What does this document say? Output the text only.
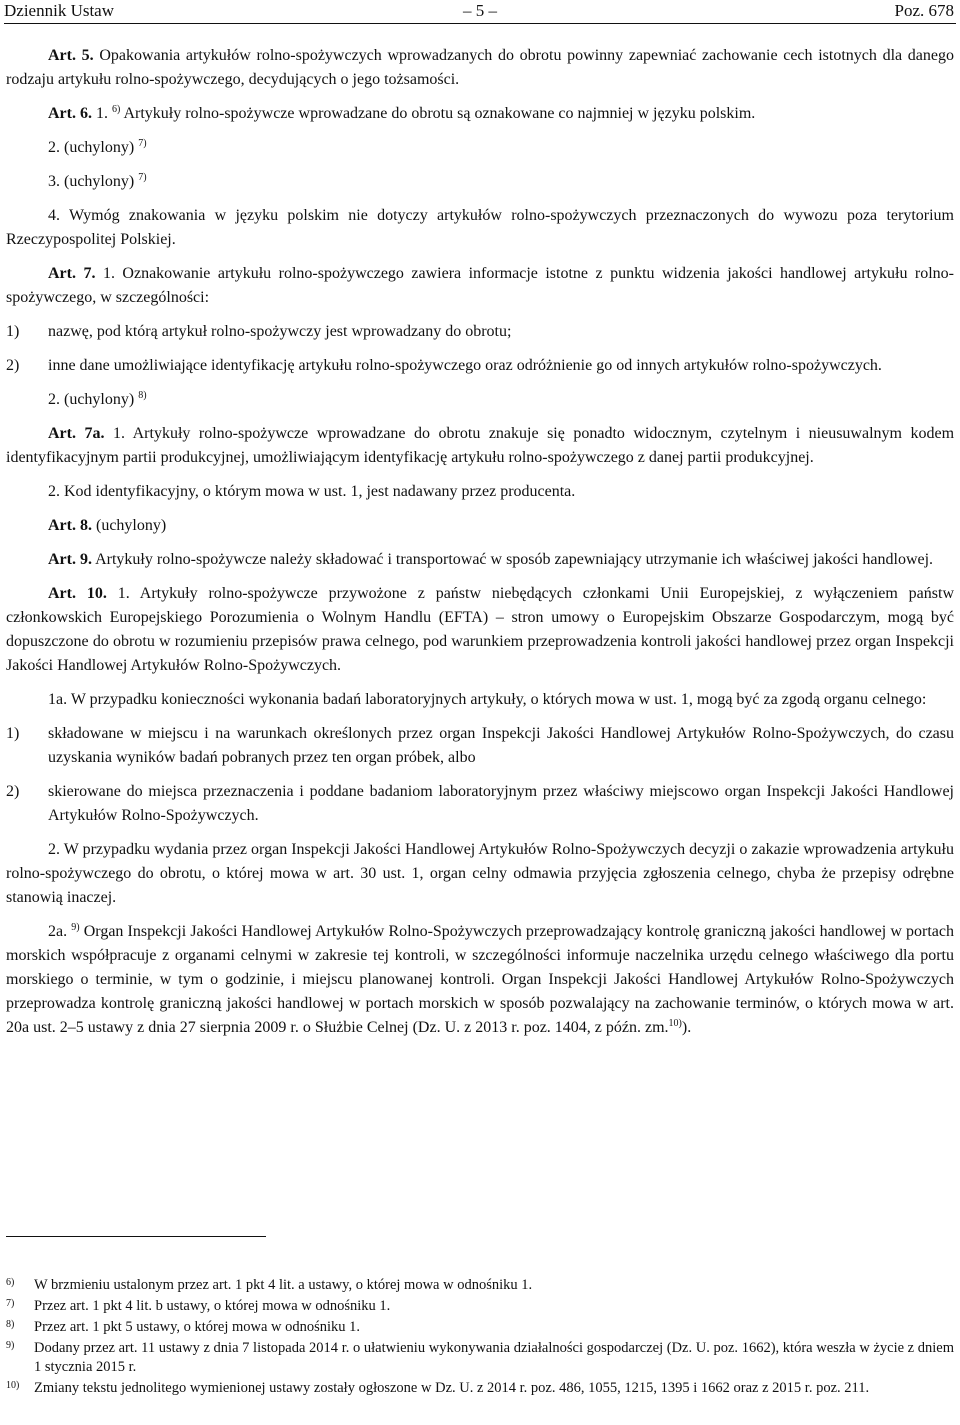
Dziennik Ustaw	– 5 –	Poz. 678

Art. 5. Opakowania artykułów rolno-spożywczych wprowadzanych do obrotu powinny zapewniać zachowanie cech istotnych dla danego rodzaju artykułu rolno-spożywczego, decydujących o jego tożsamości.

Art. 6. 1. $^{6)}$ Artykuły rolno-spożywcze wprowadzane do obrotu są oznakowane co najmniej w języku polskim.

2. (uchylony) $^{7)}$

3. (uchylony) $^{7)}$

4. Wymóg znakowania w języku polskim nie dotyczy artykułów rolno-spożywczych przeznaczonych do wywozu poza terytorium Rzeczypospolitej Polskiej.

Art. 7. 1. Oznakowanie artykułu rolno-spożywczego zawiera informacje istotne z punktu widzenia jakości handlowej artykułu rolno-spożywczego, w szczególności:

1) nazwę, pod którą artykuł rolno-spożywczy jest wprowadzany do obrotu;
2) inne dane umożliwiające identyfikację artykułu rolno-spożywczego oraz odróżnienie go od innych artykułów rolno-spożywczych.

2. (uchylony) $^{8)}$

Art. 7a. 1. Artykuły rolno-spożywcze wprowadzane do obrotu znakuje się ponadto widocznym, czytelnym i nieusuwalnym kodem identyfikacyjnym partii produkcyjnej, umożliwiającym identyfikację artykułu rolno-spożywczego z danej partii produkcyjnej.

2. Kod identyfikacyjny, o którym mowa w ust. 1, jest nadawany przez producenta.

Art. 8. (uchylony)

Art. 9. Artykuły rolno-spożywcze należy składować i transportować w sposób zapewniający utrzymanie ich właściwej jakości handlowej.

Art. 10. 1. Artykuły rolno-spożywcze przywożone z państw niebędących członkami Unii Europejskiej, z wyłączeniem państw członkowskich Europejskiego Porozumienia o Wolnym Handlu (EFTA) – stron umowy o Europejskim Obszarze Gospodarczym, mogą być dopuszczone do obrotu w rozumieniu przepisów prawa celnego, pod warunkiem przeprowadzenia kontroli jakości handlowej przez organ Inspekcji Jakości Handlowej Artykułów Rolno-Spożywczych.

1a. W przypadku konieczności wykonania badań laboratoryjnych artykuły, o których mowa w ust. 1, mogą być za zgodą organu celnego:

1) składowane w miejscu i na warunkach określonych przez organ Inspekcji Jakości Handlowej Artykułów Rolno-Spożywczych, do czasu uzyskania wyników badań pobranych przez ten organ próbek, albo
2) skierowane do miejsca przeznaczenia i poddane badaniom laboratoryjnym przez właściwy miejscowo organ Inspekcji Jakości Handlowej Artykułów Rolno-Spożywczych.

2. W przypadku wydania przez organ Inspekcji Jakości Handlowej Artykułów Rolno-Spożywczych decyzji o zakazie wprowadzenia artykułu rolno-spożywczego do obrotu, o której mowa w art. 30 ust. 1, organ celny odmawia przyjęcia zgłoszenia celnego, chyba że przepisy odrębne stanowią inaczej.

2a. $^{9)}$ Organ Inspekcji Jakości Handlowej Artykułów Rolno-Spożywczych przeprowadzający kontrolę graniczną jakości handlowej w portach morskich współpracuje z organami celnymi w zakresie tej kontroli, w szczególności informuje naczelnika urzędu celnego właściwego dla portu morskiego o terminie, w tym o godzinie, i miejscu planowanej kontroli. Organ Inspekcji Jakości Handlowej Artykułów Rolno-Spożywczych przeprowadza kontrolę graniczną jakości handlowej w portach morskich w sposób pozwalający na zachowanie terminów, o których mowa w art. 20a ust. 2–5 ustawy z dnia 27 sierpnia 2009 r. o Służbie Celnej (Dz. U. z 2013 r. poz. 1404, z późn. zm.$^{10)}$).

6) W brzmieniu ustalonym przez art. 1 pkt 4 lit. a ustawy, o której mowa w odnośniku 1.
7) Przez art. 1 pkt 4 lit. b ustawy, o której mowa w odnośniku 1.
8) Przez art. 1 pkt 5 ustawy, o której mowa w odnośniku 1.
9) Dodany przez art. 11 ustawy z dnia 7 listopada 2014 r. o ułatwieniu wykonywania działalności gospodarczej (Dz. U. poz. 1662), która weszła w życie z dniem 1 stycznia 2015 r.
10) Zmiany tekstu jednolitego wymienionej ustawy zostały ogłoszone w Dz. U. z 2014 r. poz. 486, 1055, 1215, 1395 i 1662 oraz z 2015 r. poz. 211.
